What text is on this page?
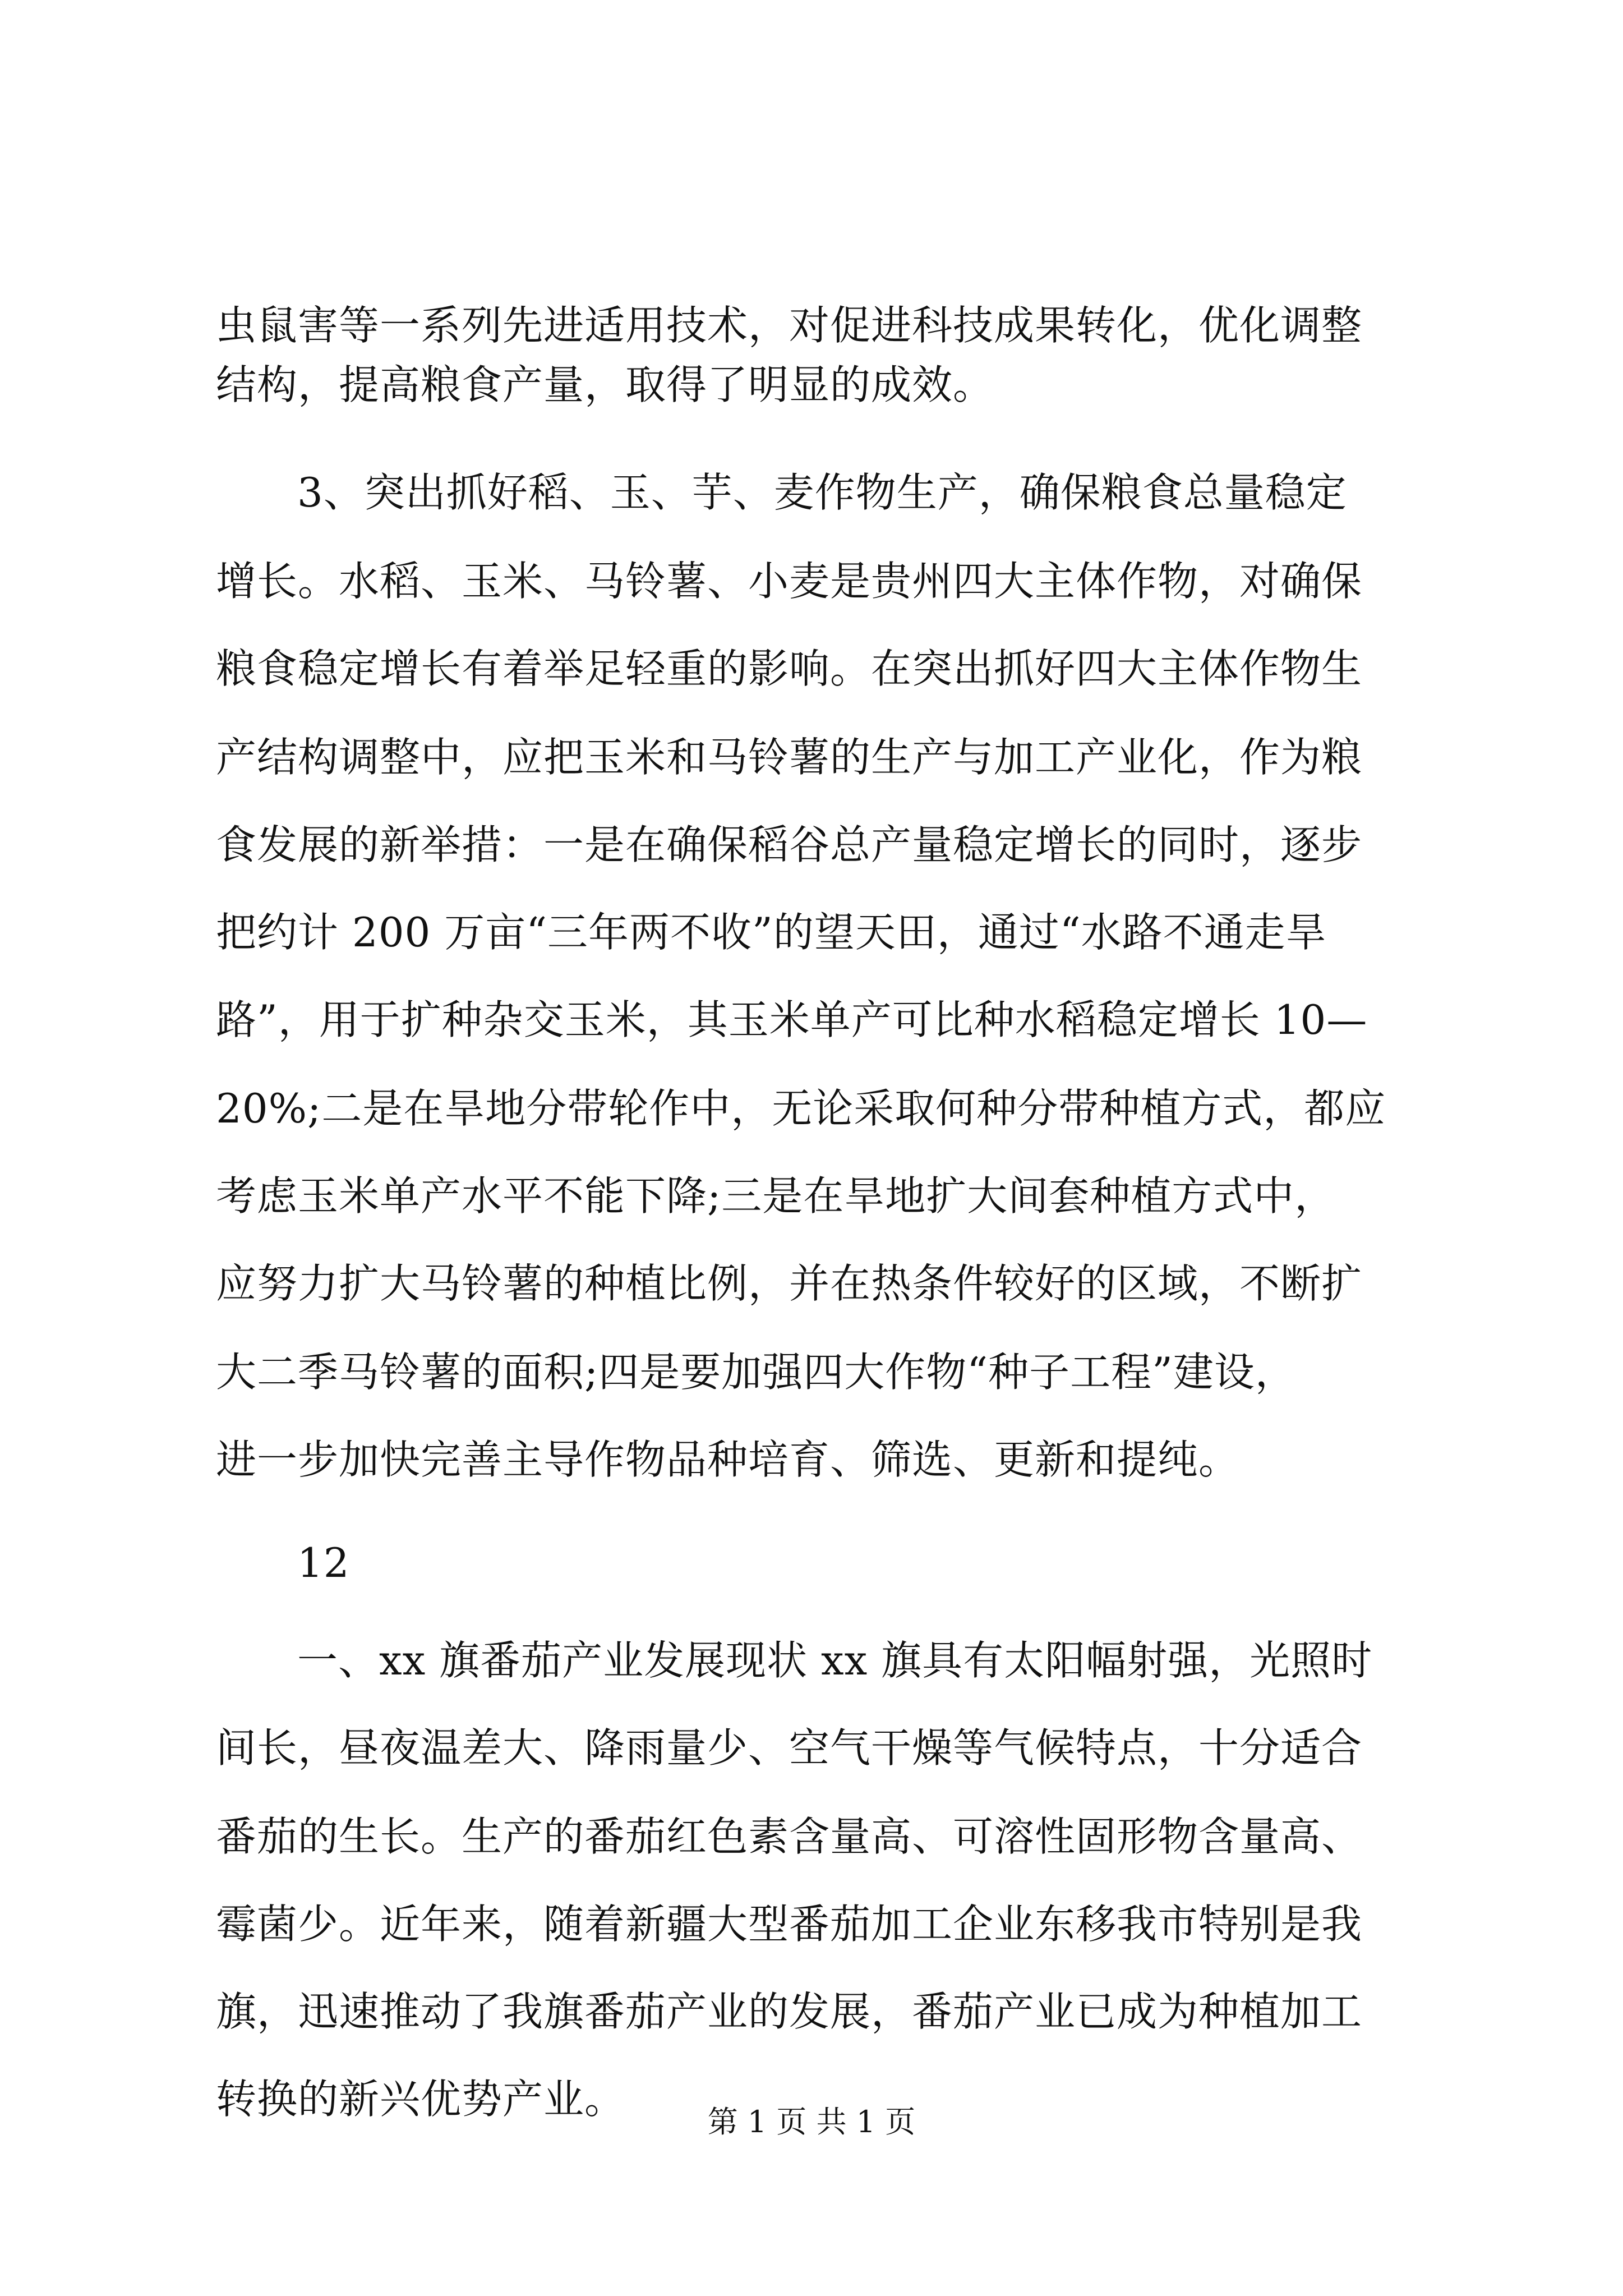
虫鼠害等一系列先进适用技术，对促进科技成果转化，优化调整
结构，提高粮食产量，取得了明显的成效。
3、突出抓好稻、玉、芋、麦作物生产，确保粮食总量稳定
增长。水稻、玉米、马铃薯、小麦是贵州四大主体作物，对确保
粮食稳定增长有着举足轻重的影响。在突出抓好四大主体作物生
产结构调整中，应把玉米和马铃薯的生产与加工产业化，作为粮
食发展的新举措：一是在确保稻谷总产量稳定增长的同时，逐步
把约计 200 万亩“三年两不收”的望天田，通过“水路不通走旱
路”，用于扩种杂交玉米，其玉米单产可比种水稻稳定增长 10—
20%;二是在旱地分带轮作中，无论采取何种分带种植方式，都应
考虑玉米单产水平不能下降;三是在旱地扩大间套种植方式中，
应努力扩大马铃薯的种植比例，并在热条件较好的区域，不断扩
大二季马铃薯的面积;四是要加强四大作物“种子工程”建设，
进一步加快完善主导作物品种培育、筛选、更新和提纯。
12
一、xx 旗番茄产业发展现状 xx 旗具有太阳幅射强，光照时
间长，昼夜温差大、降雨量少、空气干燥等气候特点，十分适合
番茄的生长。生产的番茄红色素含量高、可溶性固形物含量高、
霉菌少。近年来，随着新疆大型番茄加工企业东移我市特别是我
旗，迅速推动了我旗番茄产业的发展，番茄产业已成为种植加工
转换的新兴优势产业。	第 1 页 共 1 页
